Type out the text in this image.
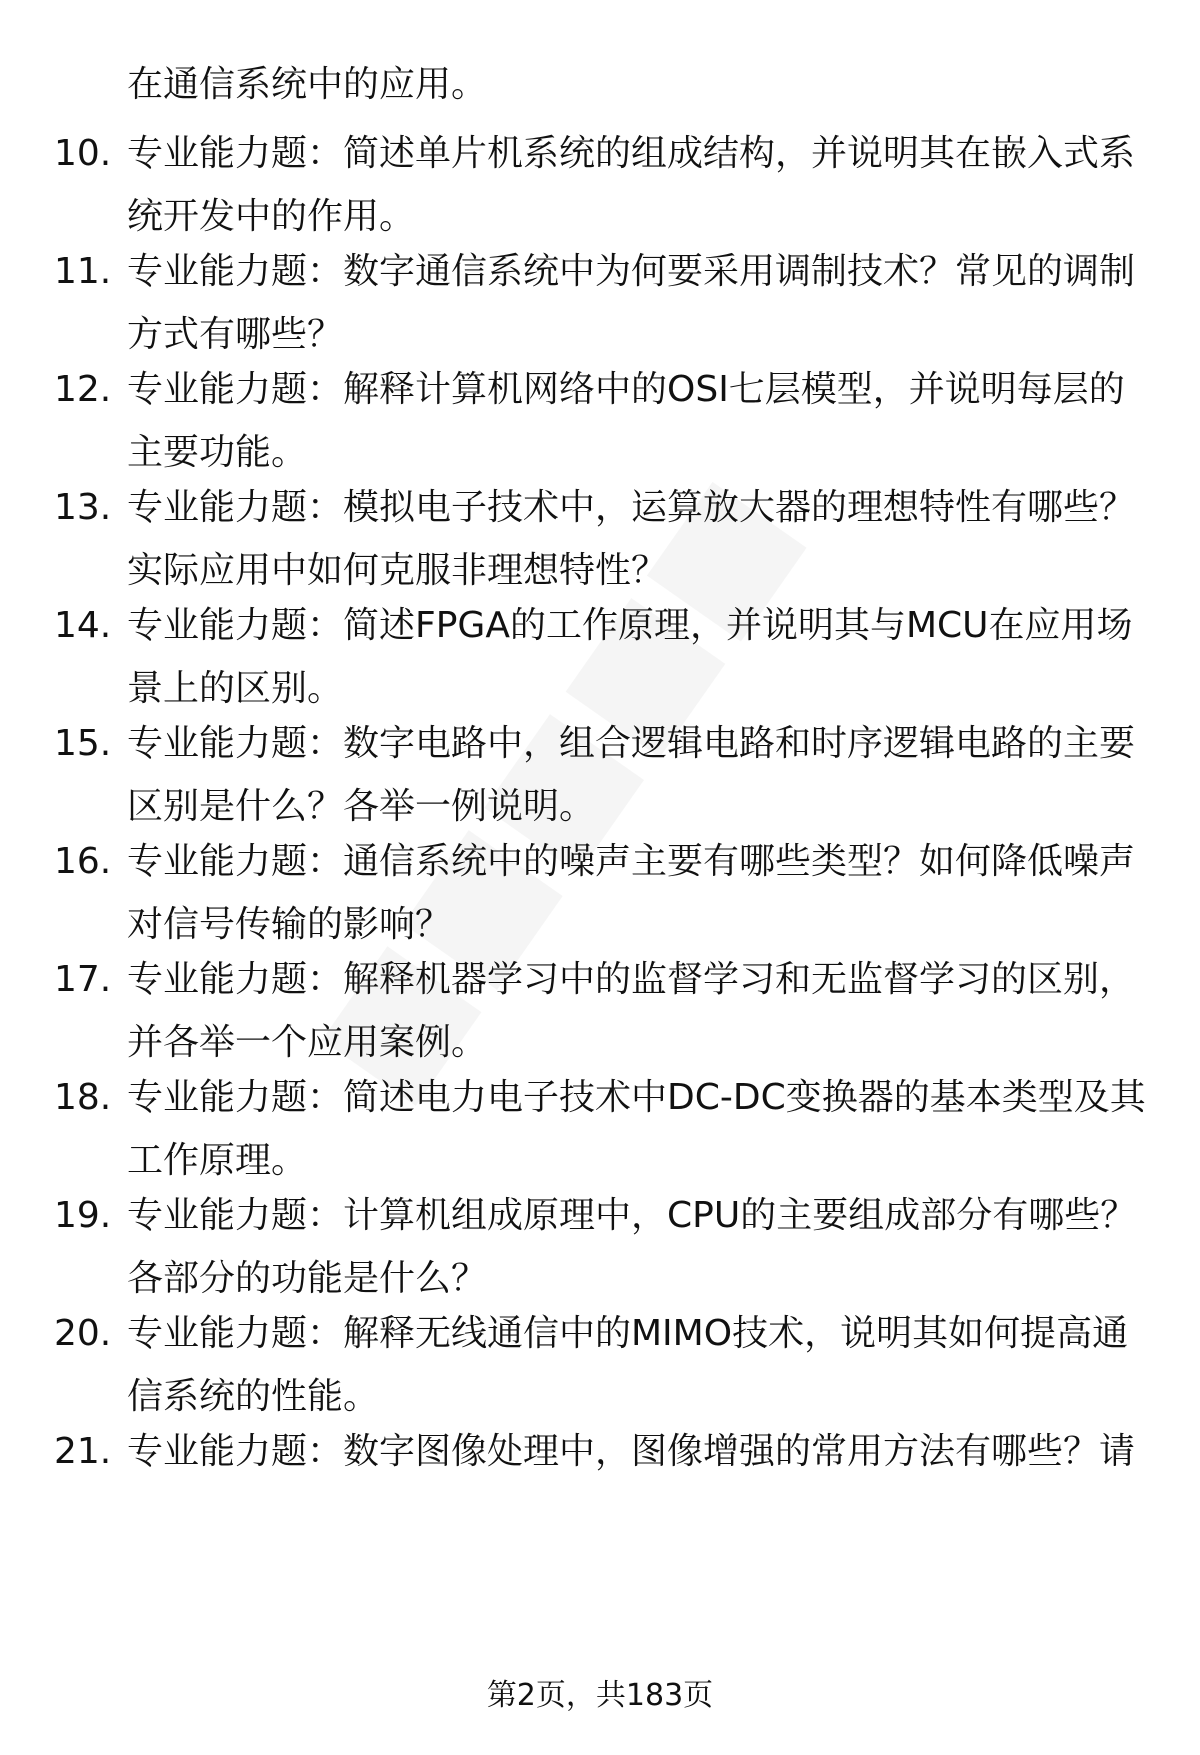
在通信系统中的应用。
10. 专业能力题：简述单片机系统的组成结构，并说明其在嵌入式系
统开发中的作用。
11. 专业能力题：数字通信系统中为何要采用调制技术？常见的调制
方式有哪些？
12. 专业能力题：解释计算机网络中的OSI七层模型，并说明每层的
主要功能。
13. 专业能力题：模拟电子技术中，运算放大器的理想特性有哪些？
实际应用中如何克服非理想特性？
14. 专业能力题：简述FPGA的工作原理，并说明其与MCU在应用场
景上的区别。
15. 专业能力题：数字电路中，组合逻辑电路和时序逻辑电路的主要
区别是什么？各举一例说明。
16. 专业能力题：通信系统中的噪声主要有哪些类型？如何降低噪声
对信号传输的影响？
17. 专业能力题：解释机器学习中的监督学习和无监督学习的区别，
并各举一个应用案例。
18. 专业能力题：简述电力电子技术中DC-DC变换器的基本类型及其
工作原理。
19. 专业能力题：计算机组成原理中，CPU的主要组成部分有哪些？
各部分的功能是什么？
20. 专业能力题：解释无线通信中的MIMO技术，说明其如何提高通
信系统的性能。
21. 专业能力题：数字图像处理中，图像增强的常用方法有哪些？请
第2页，共183页
